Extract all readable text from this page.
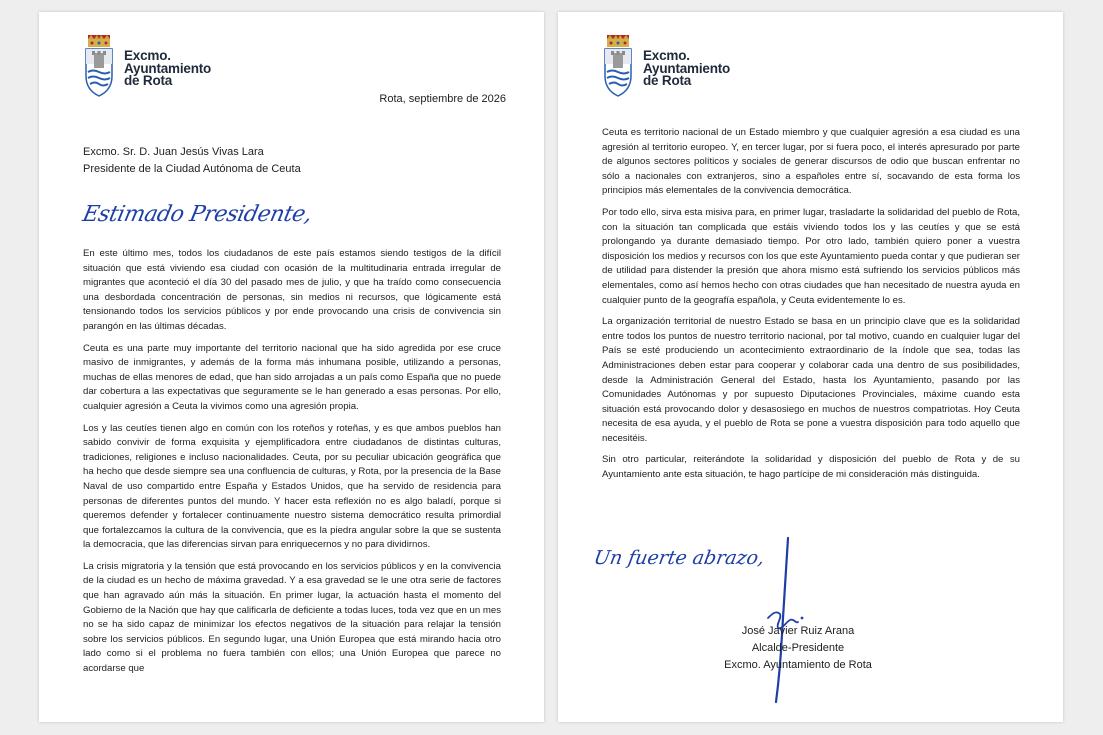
Excmo.
Ayuntamiento
de Rota
Rota, septiembre de 2026
Excmo. Sr. D. Juan Jesús Vivas Lara
Presidente de la Ciudad Autónoma de Ceuta
Estimado Presidente,

En este último mes, todos los ciudadanos de este país estamos siendo testigos de la difícil situación que está viviendo esa ciudad con ocasión de la multitudinaria entrada irregular de migrantes que aconteció el día 30 del pasado mes de julio, y que ha traído como consecuencia una desbordada concentración de personas, sin medios ni recursos, que lógicamente está tensionando todos los servicios públicos y por ende provocando una crisis de convivencia sin parangón en las últimas décadas.

Ceuta es una parte muy importante del territorio nacional que ha sido agredida por ese cruce masivo de inmigrantes, y además de la forma más inhumana posible, utilizando a personas, muchas de ellas menores de edad, que han sido arrojadas a un país como España que no puede dar cobertura a las expectativas que seguramente se le han generado a esas personas. Por ello, cualquier agresión a Ceuta la vivimos como una agresión propia.

Los y las ceutíes tienen algo en común con los roteños y roteñas, y es que ambos pueblos han sabido convivir de forma exquisita y ejemplificadora entre ciudadanos de distintas culturas, tradiciones, religiones e incluso nacionalidades. Ceuta, por su peculiar ubicación geográfica que ha hecho que desde siempre sea una confluencia de culturas, y Rota, por la presencia de la Base Naval de uso compartido entre España y Estados Unidos, que ha servido de residencia para personas de diferentes puntos del mundo. Y hacer esta reflexión no es algo baladí, porque si queremos defender y fortalecer continuamente nuestro sistema democrático resulta primordial que fortalezcamos la cultura de la convivencia, que es la piedra angular sobre la que se sustenta la democracia, que las diferencias sirvan para enriquecernos y no para dividirnos.

La crisis migratoria y la tensión que está provocando en los servicios públicos y en la convivencia de la ciudad es un hecho de máxima gravedad. Y a esa gravedad se le une otra serie de factores que han agravado aún más la situación. En primer lugar, la actuación hasta el momento del Gobierno de la Nación que hay que calificarla de deficiente a todas luces, toda vez que en un mes no se ha sido capaz de minimizar los efectos negativos de la situación para relajar la tensión sobre los servicios públicos. En segundo lugar, una Unión Europea que está mirando hacia otro lado como si el problema no fuera también con ellos; una Unión Europea que parece no acordarse que

Excmo.
Ayuntamiento
de Rota

Ceuta es territorio nacional de un Estado miembro y que cualquier agresión a esa ciudad es una agresión al territorio europeo. Y, en tercer lugar, por si fuera poco, el interés apresurado por parte de algunos sectores políticos y sociales de generar discursos de odio que buscan enfrentar no sólo a nacionales con extranjeros, sino a españoles entre sí, socavando de esta forma los principios más elementales de la convivencia democrática.

Por todo ello, sirva esta misiva para, en primer lugar, trasladarte la solidaridad del pueblo de Rota, con la situación tan complicada que estáis viviendo todos los y las ceutíes y que se está prolongando ya durante demasiado tiempo. Por otro lado, también quiero poner a vuestra disposición los medios y recursos con los que este Ayuntamiento pueda contar y que pudieran ser de utilidad para distender la presión que ahora mismo está sufriendo los servicios públicos más elementales, como así hemos hecho con otras ciudades que han necesitado de nuestra ayuda en cualquier punto de la geografía española, y Ceuta evidentemente lo es.

La organización territorial de nuestro Estado se basa en un principio clave que es la solidaridad entre todos los puntos de nuestro territorio nacional, por tal motivo, cuando en cualquier lugar del País se esté produciendo un acontecimiento extraordinario de la índole que sea, todas las Administraciones deben estar para cooperar y colaborar cada una dentro de sus posibilidades, desde la Administración General del Estado, hasta los Ayuntamiento, pasando por las Comunidades Autónomas y por supuesto Diputaciones Provinciales, máxime cuando esta situación está provocando dolor y desasosiego en muchos de nuestros compatriotas. Hoy Ceuta necesita de esa ayuda, y el pueblo de Rota se pone a vuestra disposición para todo aquello que necesitéis.

Sin otro particular, reiterándote la solidaridad y disposición del pueblo de Rota y de su Ayuntamiento ante esta situación, te hago partícipe de mi consideración más distinguida.

Un fuerte abrazo,
José Javier Ruiz Arana
Alcalde-Presidente
Excmo. Ayuntamiento de Rota
